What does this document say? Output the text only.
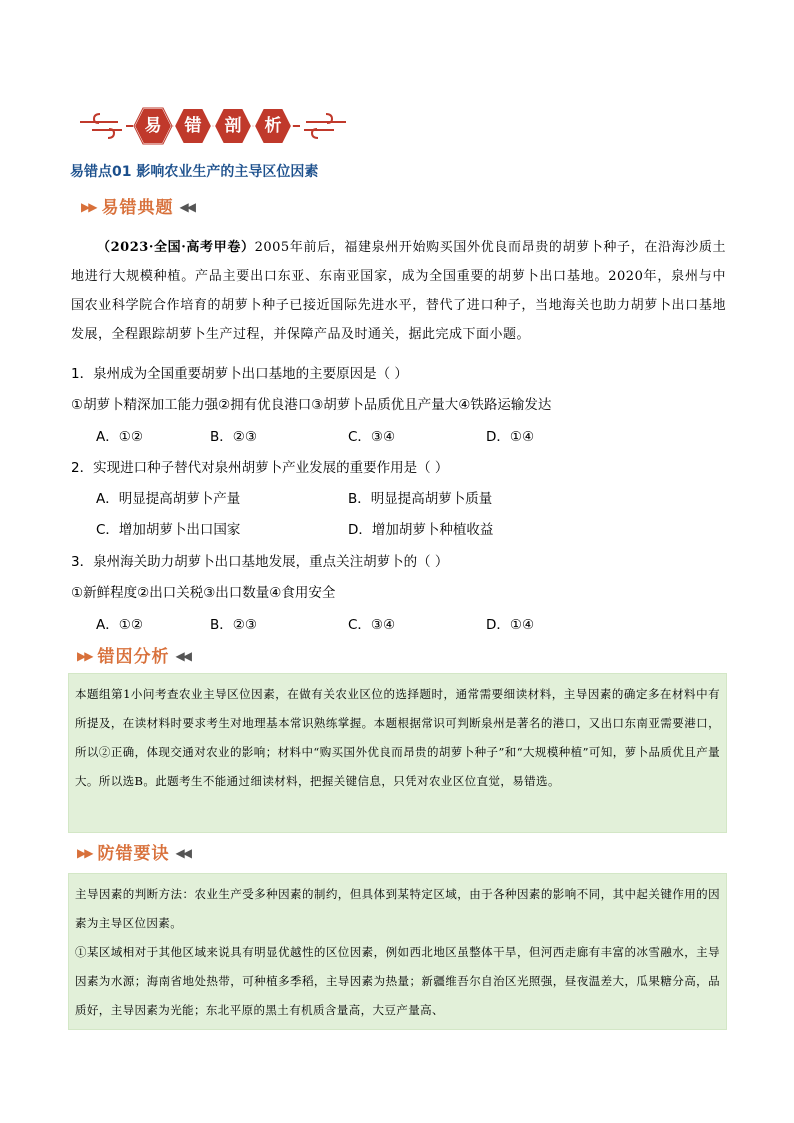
易	错	剖	析
易错点01 影响农业生产的主导区位因素
▶▶ 易错典题 ◀◀
（2023·全国·高考甲卷）2005年前后，福建泉州开始购买国外优良而昂贵的胡萝卜种子，在沿海沙质土地进行大规模种植。产品主要出口东亚、东南亚国家，成为全国重要的胡萝卜出口基地。2020年，泉州与中国农业科学院合作培育的胡萝卜种子已接近国际先进水平，替代了进口种子，当地海关也助力胡萝卜出口基地发展，全程跟踪胡萝卜生产过程，并保障产品及时通关，据此完成下面小题。
1．泉州成为全国重要胡萝卜出口基地的主要原因是（ ）
①胡萝卜精深加工能力强②拥有优良港口③胡萝卜品质优且产量大④铁路运输发达
A．①②	B．②③	C．③④	D．①④
2．实现进口种子替代对泉州胡萝卜产业发展的重要作用是（ ）
A．明显提高胡萝卜产量	B．明显提高胡萝卜质量
C．增加胡萝卜出口国家	D．增加胡萝卜种植收益
3．泉州海关助力胡萝卜出口基地发展，重点关注胡萝卜的（ ）
①新鲜程度②出口关税③出口数量④食用安全
A．①②	B．②③	C．③④	D．①④
▶▶ 错因分析 ◀◀

本题组第1小问考查农业主导区位因素，在做有关农业区位的选择题时，通常需要细读材料，主导因素的确定多在材料中有所提及，在读材料时要求考生对地理基本常识熟练掌握。本题根据常识可判断泉州是著名的港口，又出口东南亚需要港口，所以②正确，体现交通对农业的影响；材料中“购买国外优良而昂贵的胡萝卜种子”和“大规模种植”可知，萝卜品质优且产量大。所以选B。此题考生不能通过细读材料，把握关键信息，只凭对农业区位直觉，易错选。

▶▶ 防错要诀 ◀◀

主导因素的判断方法：农业生产受多种因素的制约，但具体到某特定区域，由于各种因素的影响不同，其中起关键作用的因素为主导区位因素。

①某区域相对于其他区域来说具有明显优越性的区位因素，例如西北地区虽整体干旱，但河西走廊有丰富的冰雪融水，主导因素为水源；海南省地处热带，可种植多季稻，主导因素为热量；新疆维吾尔自治区光照强，昼夜温差大，瓜果糖分高，品质好，主导因素为光能；东北平原的黑土有机质含量高，大豆产量高、
